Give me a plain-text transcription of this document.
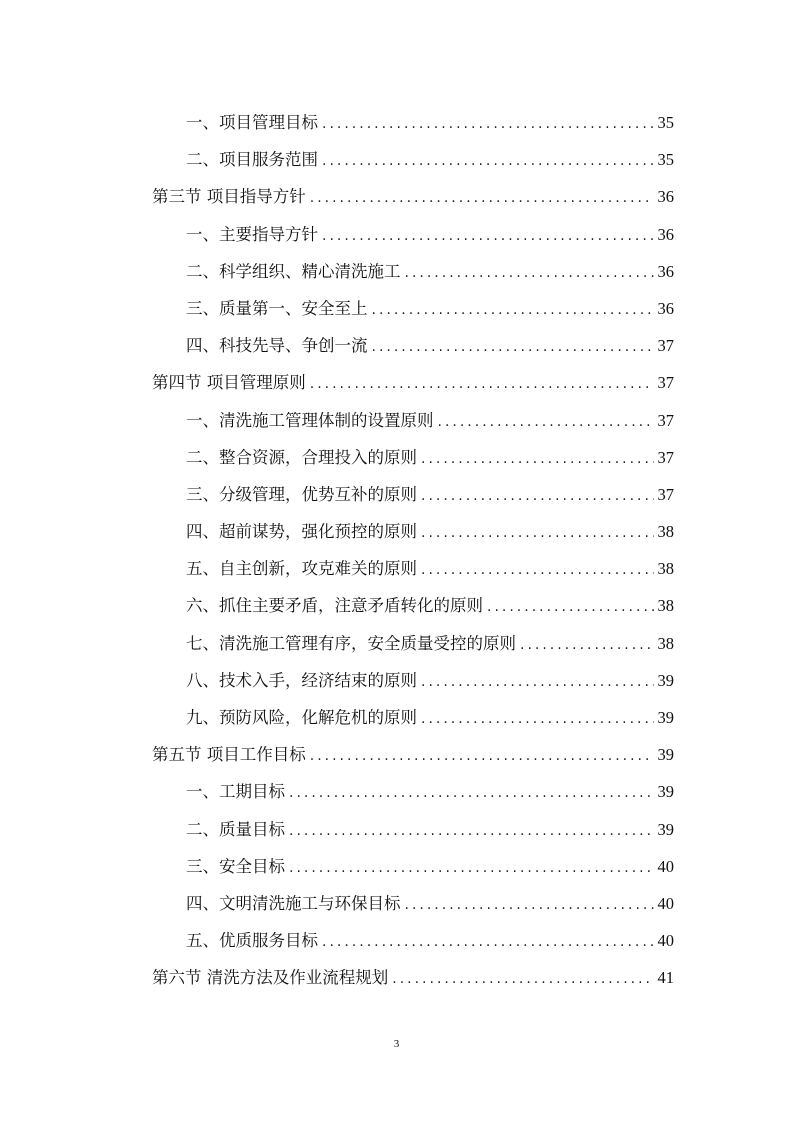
一、项目管理目标 .....	35
二、项目服务范围 .....	35
第三节 项目指导方针 .....	36
一、主要指导方针 .....	36
二、科学组织、精心清洗施工 .....	36
三、质量第一、安全至上 .....	36
四、科技先导、争创一流 .....	37
第四节 项目管理原则 .....	37
一、清洗施工管理体制的设置原则 .....	37
二、整合资源，合理投入的原则 .....	37
三、分级管理，优势互补的原则 .....	37
四、超前谋势，强化预控的原则 .....	38
五、自主创新，攻克难关的原则 .....	38
六、抓住主要矛盾，注意矛盾转化的原则 .....	38
七、清洗施工管理有序，安全质量受控的原则 .....	38
八、技术入手，经济结束的原则 .....	39
九、预防风险，化解危机的原则 .....	39
第五节 项目工作目标 .....	39
一、工期目标 .....	39
二、质量目标 .....	39
三、安全目标 .....	40
四、文明清洗施工与环保目标 .....	40
五、优质服务目标 .....	40
第六节 清洗方法及作业流程规划 .....	41
3
